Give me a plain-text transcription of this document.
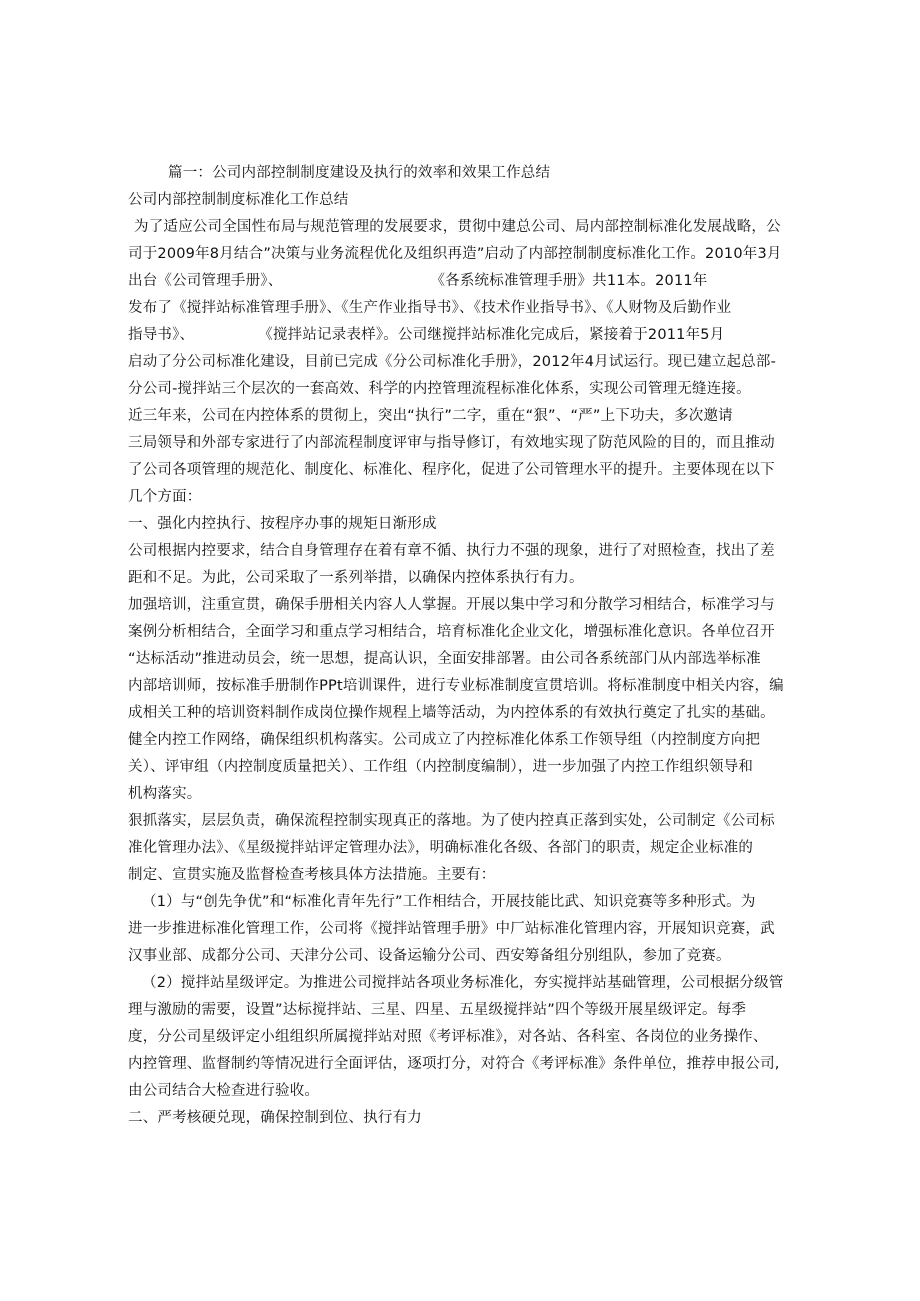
篇一：公司内部控制制度建设及执行的效率和效果工作总结
公司内部控制制度标准化工作总结
为了适应公司全国性布局与规范管理的发展要求，贯彻中建总公司、局内部控制标准化发展战略，公
司于2009年8月结合”决策与业务流程优化及组织再造”启动了内部控制制度标准化工作。2010年3月
出台《公司管理手册》、	《各系统标准管理手册》共11本。2011年
发布了《搅拌站标准管理手册》、《生产作业指导书》、《技术作业指导书》、《人财物及后勤作业
指导书》、	《搅拌站记录表样》。公司继搅拌站标准化完成后，紧接着于2011年5月
启动了分公司标准化建设，目前已完成《分公司标准化手册》，2012年4月试运行。现已建立起总部-
分公司-搅拌站三个层次的一套高效、科学的内控管理流程标准化体系，实现公司管理无缝连接。
近三年来，公司在内控体系的贯彻上，突出“执行”二字，重在“狠”、“严”上下功夫，多次邀请
三局领导和外部专家进行了内部流程制度评审与指导修订，有效地实现了防范风险的目的，而且推动
了公司各项管理的规范化、制度化、标准化、程序化，促进了公司管理水平的提升。主要体现在以下
几个方面：
一、强化内控执行、按程序办事的规矩日渐形成
公司根据内控要求，结合自身管理存在着有章不循、执行力不强的现象，进行了对照检查，找出了差
距和不足。为此，公司采取了一系列举措，以确保内控体系执行有力。
加强培训，注重宣贯，确保手册相关内容人人掌握。开展以集中学习和分散学习相结合，标准学习与
案例分析相结合，全面学习和重点学习相结合，培育标准化企业文化，增强标准化意识。各单位召开
“达标活动”推进动员会，统一思想，提高认识，全面安排部署。由公司各系统部门从内部选举标准
内部培训师，按标准手册制作PPt培训课件，进行专业标准制度宣贯培训。将标准制度中相关内容，编
成相关工种的培训资料制作成岗位操作规程上墙等活动，为内控体系的有效执行奠定了扎实的基础。
健全内控工作网络，确保组织机构落实。公司成立了内控标准化体系工作领导组（内控制度方向把
关）、评审组（内控制度质量把关）、工作组（内控制度编制），进一步加强了内控工作组织领导和
机构落实。
狠抓落实，层层负责，确保流程控制实现真正的落地。为了使内控真正落到实处，公司制定《公司标
准化管理办法》、《星级搅拌站评定管理办法》，明确标准化各级、各部门的职责，规定企业标准的
制定、宣贯实施及监督检查考核具体方法措施。主要有：
（1）与“创先争优”和“标准化青年先行”工作相结合，开展技能比武、知识竞赛等多种形式。为
进一步推进标准化管理工作，公司将《搅拌站管理手册》中厂站标准化管理内容，开展知识竞赛，武
汉事业部、成都分公司、天津分公司、设备运输分公司、西安筹备组分别组队，参加了竞赛。
（2）搅拌站星级评定。为推进公司搅拌站各项业务标准化，夯实搅拌站基础管理，公司根据分级管
理与激励的需要，设置”达标搅拌站、三星、四星、五星级搅拌站”四个等级开展星级评定。每季
度，分公司星级评定小组组织所属搅拌站对照《考评标准》，对各站、各科室、各岗位的业务操作、
内控管理、监督制约等情况进行全面评估，逐项打分，对符合《考评标准》条件单位，推荐申报公司,
由公司结合大检查进行验收。
二、严考核硬兑现，确保控制到位、执行有力
